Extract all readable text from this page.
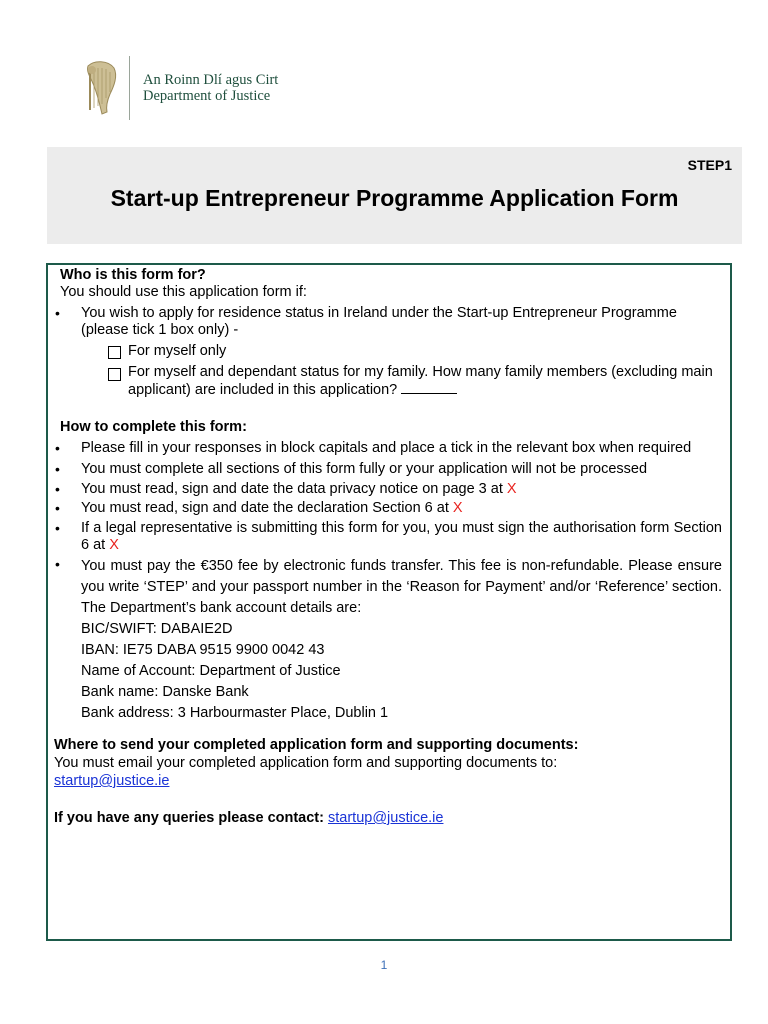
An Roinn Dlí agus Cirt
Department of Justice
STEP1
Start-up Entrepreneur Programme Application Form
Who is this form for?
You should use this application form if:
• You wish to apply for residence status in Ireland under the Start-up Entrepreneur Programme (please tick 1 box only) -
For myself only
For myself and dependant status for my family. How many family members (excluding main applicant) are included in this application?
How to complete this form:
• Please fill in your responses in block capitals and place a tick in the relevant box when required
• You must complete all sections of this form fully or your application will not be processed
• You must read, sign and date the data privacy notice on page 3 at X
• You must read, sign and date the declaration Section 6 at X
• If a legal representative is submitting this form for you, you must sign the authorisation form Section 6 at X
• You must pay the €350 fee by electronic funds transfer. This fee is non-refundable. Please ensure you write ‘STEP’ and your passport number in the ‘Reason for Payment’ and/or ‘Reference’ section. The Department’s bank account details are:
BIC/SWIFT: DABAIE2D
IBAN: IE75 DABA 9515 9900 0042 43
Name of Account: Department of Justice
Bank name: Danske Bank
Bank address: 3 Harbourmaster Place, Dublin 1
Where to send your completed application form and supporting documents:
You must email your completed application form and supporting documents to:
startup@justice.ie
If you have any queries please contact: startup@justice.ie
1
